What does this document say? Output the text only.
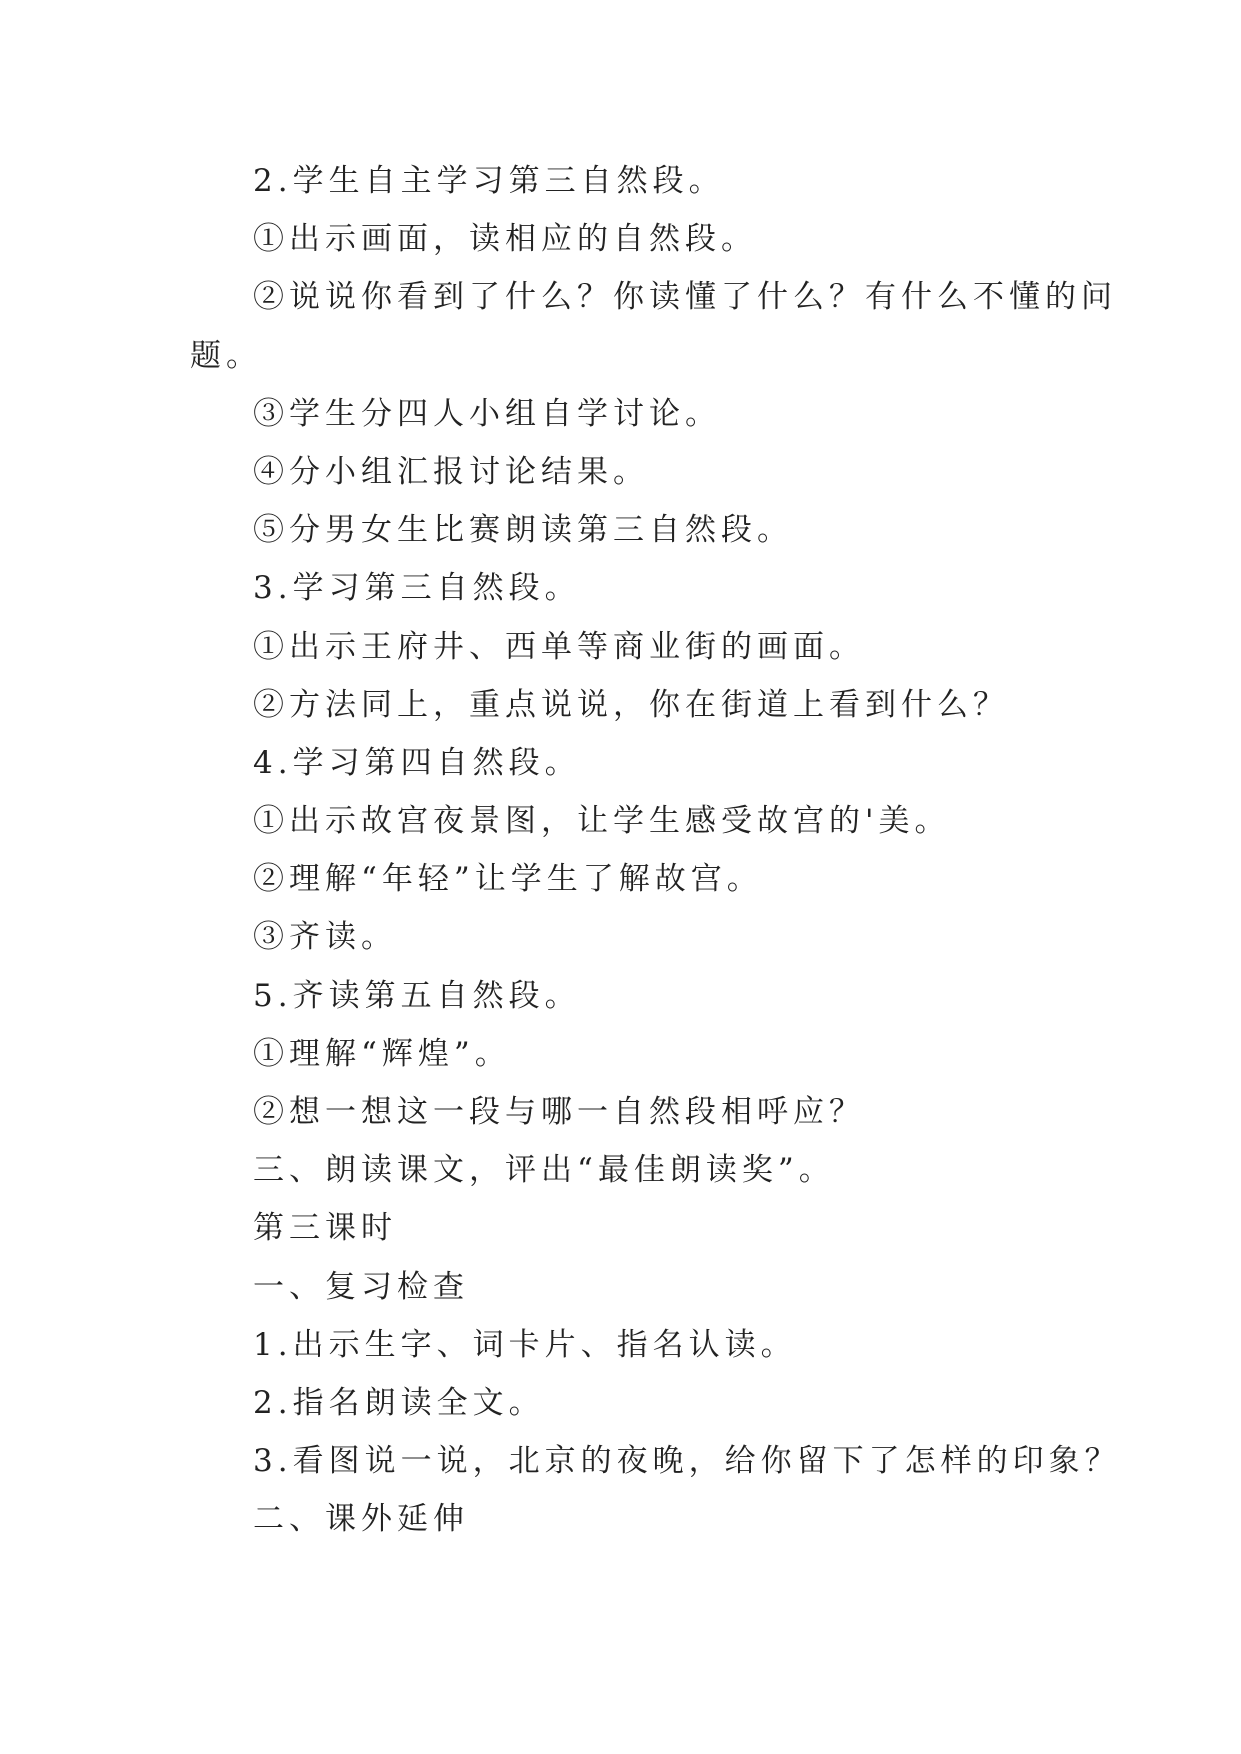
2.学生自主学习第三自然段。

①出示画面，读相应的自然段。

②说说你看到了什么？你读懂了什么？有什么不懂的问

题。

③学生分四人小组自学讨论。

④分小组汇报讨论结果。

⑤分男女生比赛朗读第三自然段。

3.学习第三自然段。

①出示王府井、西单等商业街的画面。

②方法同上，重点说说，你在街道上看到什么？

4.学习第四自然段。

①出示故宫夜景图，让学生感受故宫的'美。

②理解“年轻”让学生了解故宫。

③齐读。

5.齐读第五自然段。

①理解“辉煌”。

②想一想这一段与哪一自然段相呼应？

三、朗读课文，评出“最佳朗读奖”。

第三课时

一、复习检查

1.出示生字、词卡片、指名认读。

2.指名朗读全文。

3.看图说一说，北京的夜晚，给你留下了怎样的印象？

二、课外延伸
